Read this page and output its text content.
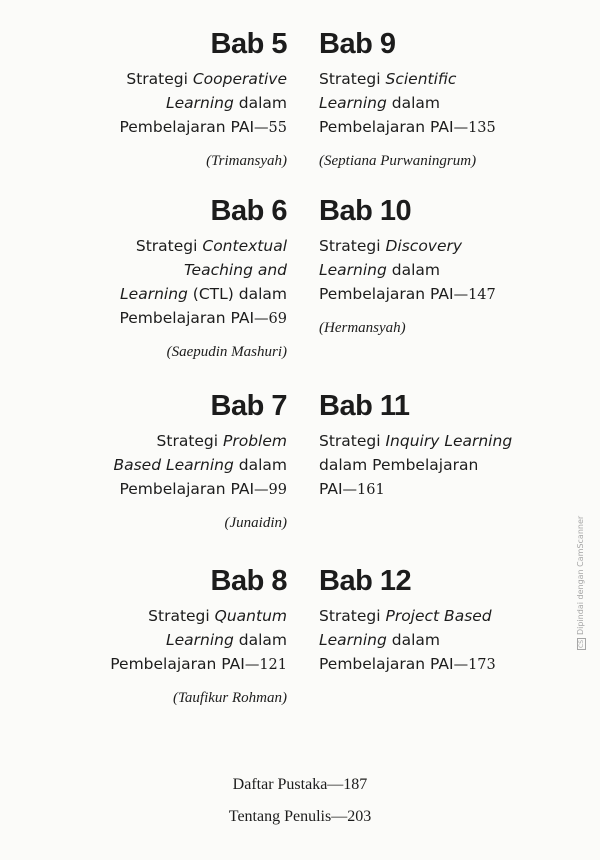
Bab 5
Strategi Cooperative
Learning dalam
Pembelajaran PAI—55
(Trimansyah)
Bab 9
Strategi Scientific
Learning dalam
Pembelajaran PAI—135
(Septiana Purwaningrum)
Bab 6
Strategi Contextual
Teaching and
Learning (CTL) dalam
Pembelajaran PAI—69
(Saepudin Mashuri)
Bab 10
Strategi Discovery
Learning dalam
Pembelajaran PAI—147
(Hermansyah)
Bab 7
Strategi Problem
Based Learning dalam
Pembelajaran PAI—99
(Junaidin)
Bab 11
Strategi Inquiry Learning
dalam Pembelajaran
PAI—161
Bab 8
Strategi Quantum
Learning dalam
Pembelajaran PAI—121
(Taufikur Rohman)
Bab 12
Strategi Project Based
Learning dalam
Pembelajaran PAI—173
Daftar Pustaka—187
Tentang Penulis—203
CSDipindai dengan CamScanner
